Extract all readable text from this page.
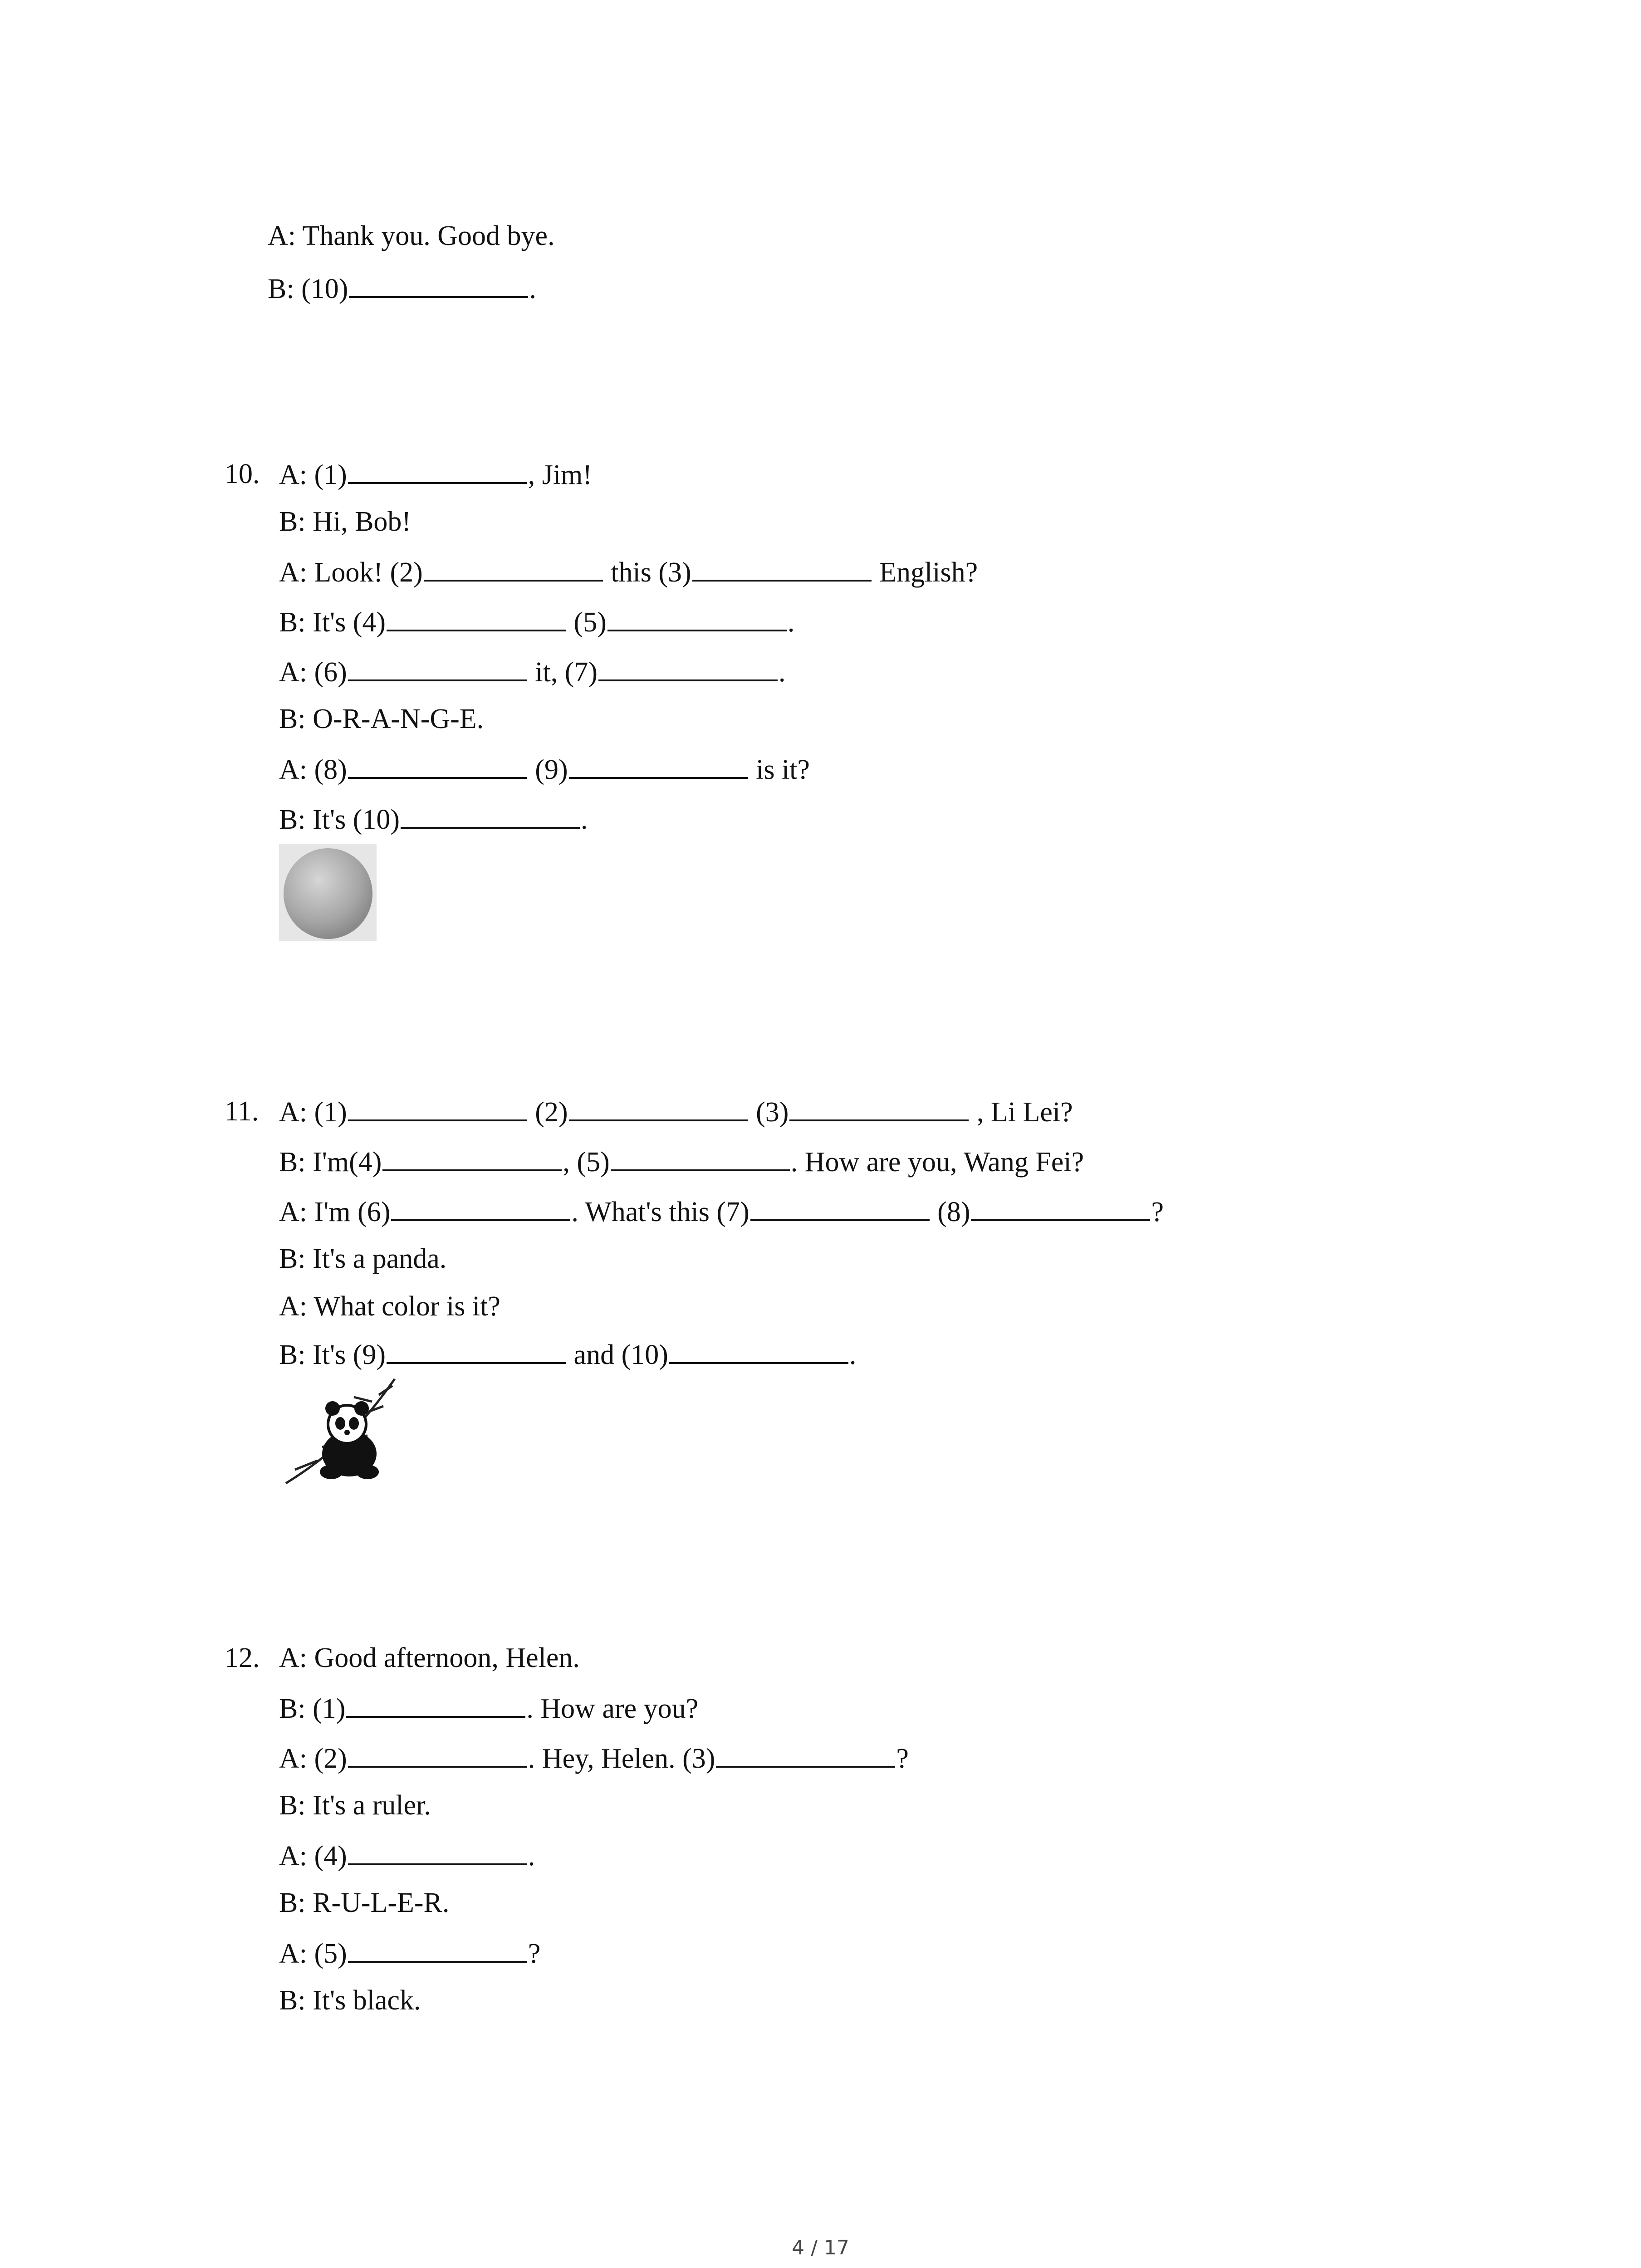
A: Thank you. Good bye.
B: (10)	.
10. A: (1)	, Jim!
B: Hi, Bob!
A: Look! (2)	this (3)	English?
B: It's (4)	(5)	.
A: (6)	it, (7)	.
B: O-R-A-N-G-E.
A: (8)	(9)	is it?
B: It's (10)	.
11. A: (1)	(2)	(3)	, Li Lei?
B: I'm(4)	, (5)	. How are you, Wang Fei?
A: I'm (6)	. What's this (7)	(8)	?
B: It's a panda.
A: What color is it?
B: It's (9)	and (10)	.
12. A: Good afternoon, Helen.
B: (1)	. How are you?
A: (2)	. Hey, Helen. (3)	?
B: It's a ruler.
A: (4)	.
B: R-U-L-E-R.
A: (5)	?
B: It's black.
4 / 17
